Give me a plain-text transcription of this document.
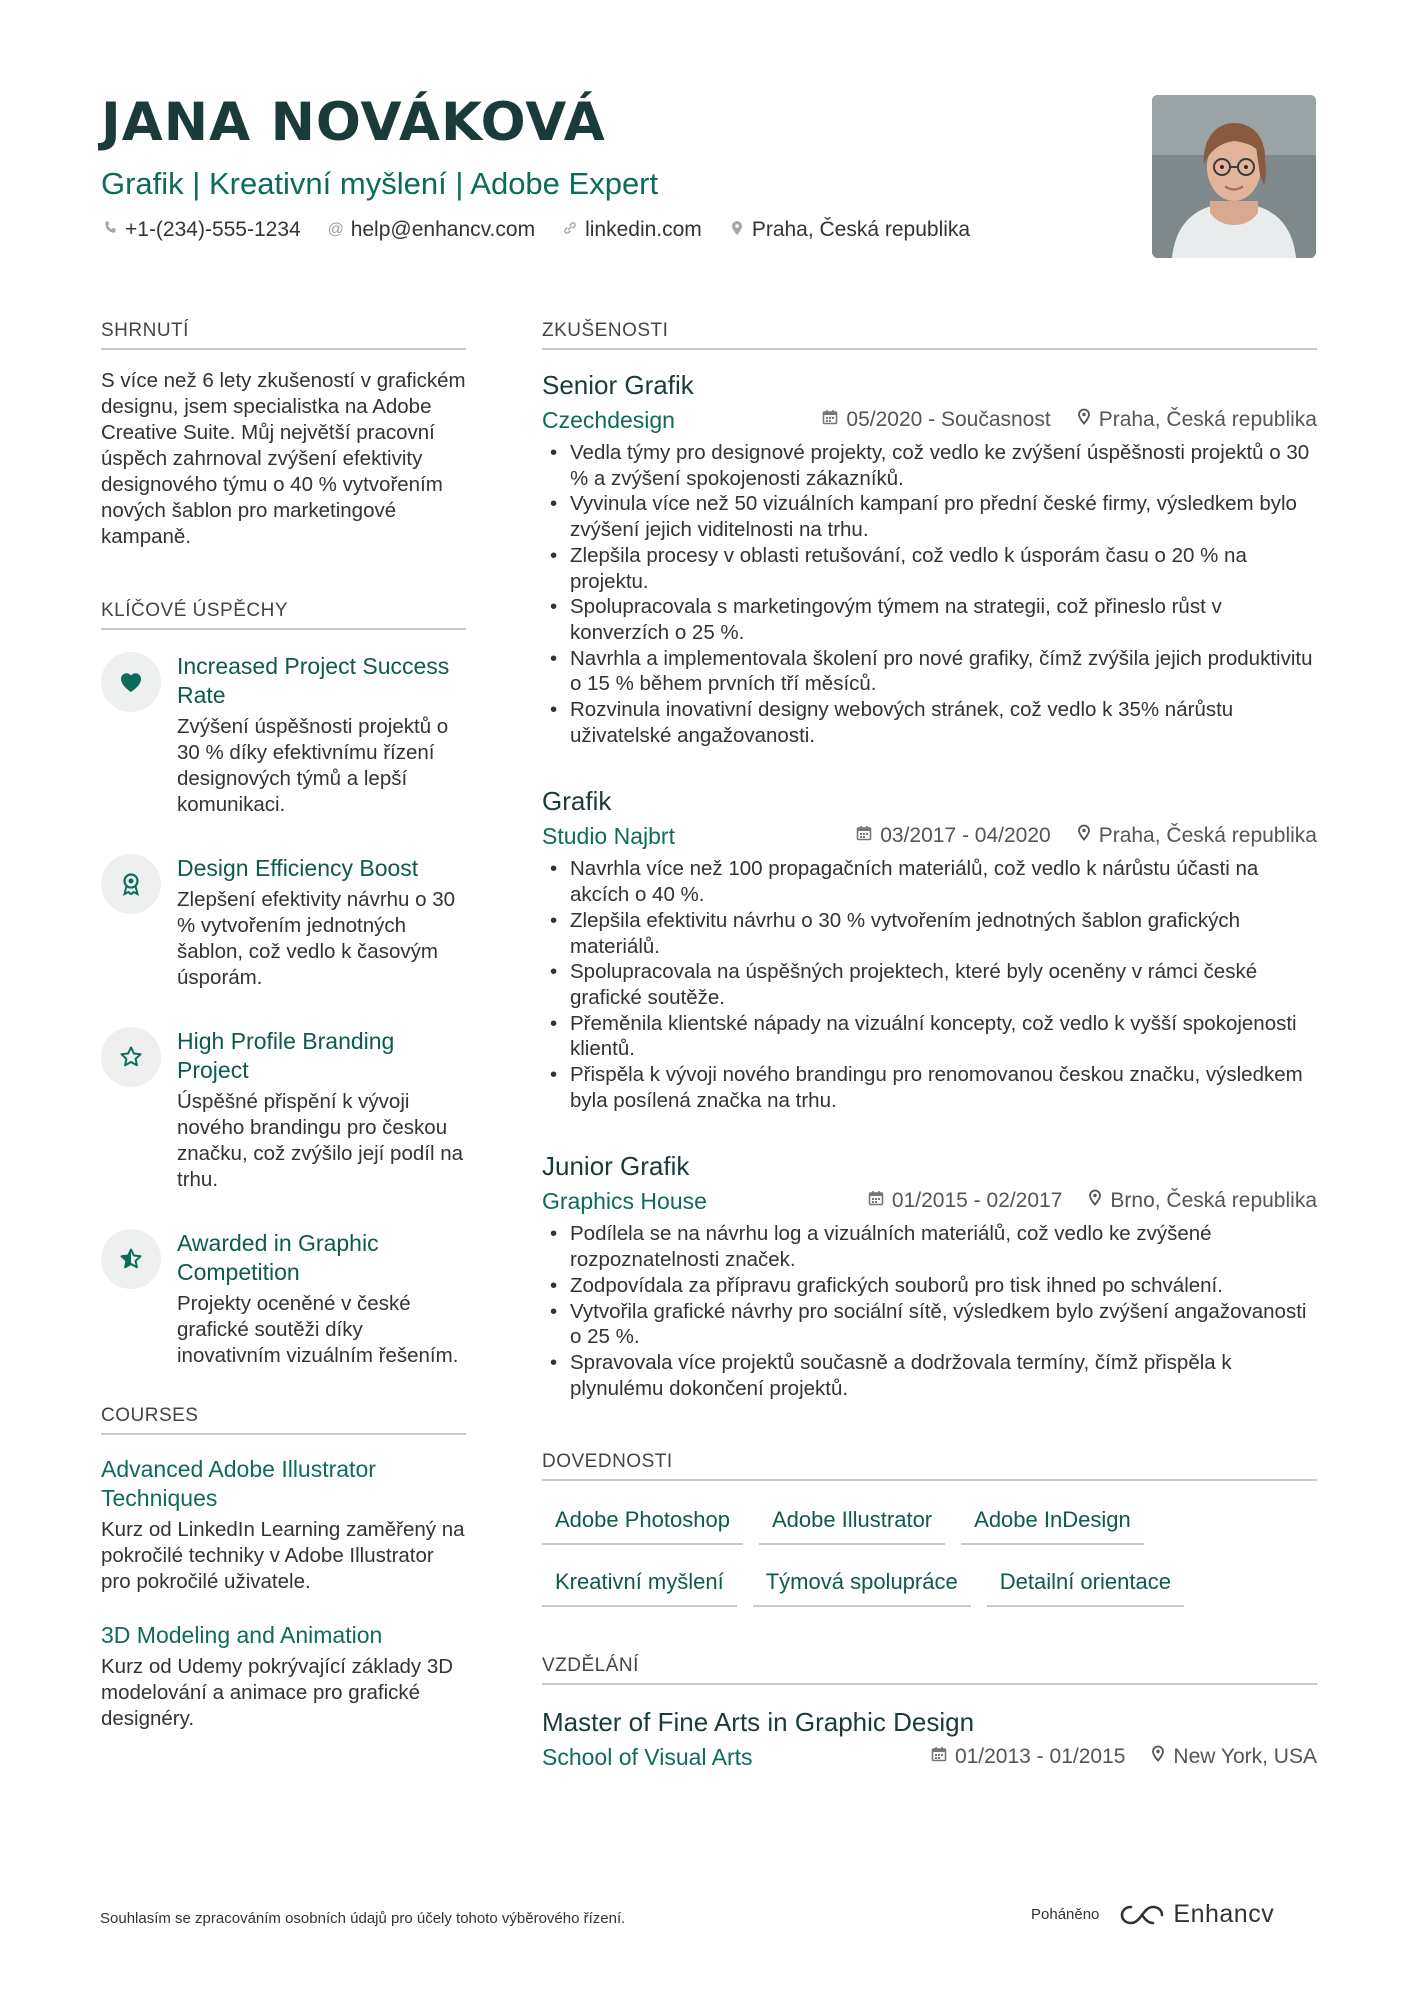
JANA NOVÁKOVÁ
Grafik | Kreativní myšlení | Adobe Expert
+1-(234)-555-1234 @ help@enhancv.com linkedin.com Praha, Česká republika
SHRNUTÍ

S více než 6 lety zkušeností v grafickém designu, jsem specialistka na Adobe Creative Suite. Můj největší pracovní úspěch zahrnoval zvýšení efektivity designového týmu o 40 % vytvořením nových šablon pro marketingové kampaně.

KLÍČOVÉ ÚSPĚCHY
Increased Project Success Rate
Zvýšení úspěšnosti projektů o 30 % díky efektivnímu řízení designových týmů a lepší komunikaci.
Design Efficiency Boost
Zlepšení efektivity návrhu o 30 % vytvořením jednotných šablon, což vedlo k časovým úsporám.
High Profile Branding Project
Úspěšné přispění k vývoji nového brandingu pro českou značku, což zvýšilo její podíl na trhu.
Awarded in Graphic Competition
Projekty oceněné v české grafické soutěži díky inovativním vizuálním řešením.
COURSES
Advanced Adobe Illustrator Techniques
Kurz od LinkedIn Learning zaměřený na pokročilé techniky v Adobe Illustrator pro pokročilé uživatele.
3D Modeling and Animation
Kurz od Udemy pokrývající základy 3D modelování a animace pro grafické designéry.
ZKUŠENOSTI
Senior Grafik
Czechdesign	05/2020 - Současnost Praha, Česká republika
• Vedla týmy pro designové projekty, což vedlo ke zvýšení úspěšnosti projektů o 30 % a zvýšení spokojenosti zákazníků.
• Vyvinula více než 50 vizuálních kampaní pro přední české firmy, výsledkem bylo zvýšení jejich viditelnosti na trhu.
• Zlepšila procesy v oblasti retušování, což vedlo k úsporám času o 20 % na projektu.
• Spolupracovala s marketingovým týmem na strategii, což přineslo růst v konverzích o 25 %.
• Navrhla a implementovala školení pro nové grafiky, čímž zvýšila jejich produktivitu o 15 % během prvních tří měsíců.
• Rozvinula inovativní designy webových stránek, což vedlo k 35% nárůstu uživatelské angažovanosti.
Grafik
Studio Najbrt	03/2017 - 04/2020 Praha, Česká republika
• Navrhla více než 100 propagačních materiálů, což vedlo k nárůstu účasti na akcích o 40 %.
• Zlepšila efektivitu návrhu o 30 % vytvořením jednotných šablon grafických materiálů.
• Spolupracovala na úspěšných projektech, které byly oceněny v rámci české grafické soutěže.
• Přeměnila klientské nápady na vizuální koncepty, což vedlo k vyšší spokojenosti klientů.
• Přispěla k vývoji nového brandingu pro renomovanou českou značku, výsledkem byla posílená značka na trhu.
Junior Grafik
Graphics House	01/2015 - 02/2017 Brno, Česká republika
• Podílela se na návrhu log a vizuálních materiálů, což vedlo ke zvýšené rozpoznatelnosti značek.
• Zodpovídala za přípravu grafických souborů pro tisk ihned po schválení.
• Vytvořila grafické návrhy pro sociální sítě, výsledkem bylo zvýšení angažovanosti o 25 %.
• Spravovala více projektů současně a dodržovala termíny, čímž přispěla k plynulému dokončení projektů.
DOVEDNOSTI
Adobe Photoshop	Adobe Illustrator	Adobe InDesign
Kreativní myšlení	Týmová spolupráce	Detailní orientace
VZDĚLÁNÍ
Master of Fine Arts in Graphic Design
School of Visual Arts	01/2013 - 01/2015 New York, USA
Souhlasím se zpracováním osobních údajů pro účely tohoto výběrového řízení.	Poháněno	Enhancv
